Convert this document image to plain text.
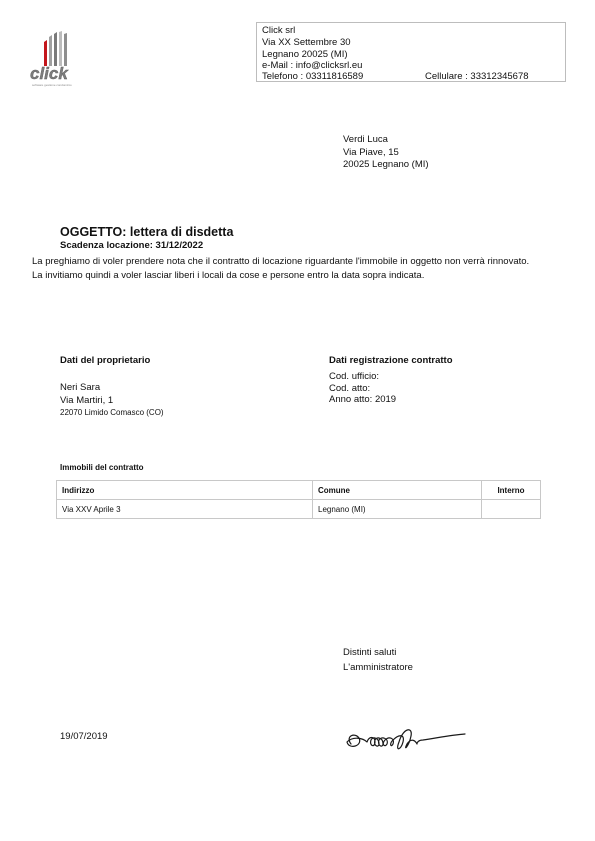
click
software gestione condominio
Click srl
Via XX Settembre 30
Legnano 20025 (MI)
e-Mail : info@clicksrl.eu
Telefono : 03311816589	Cellulare : 33312345678
Verdi Luca
Via Piave, 15
20025 Legnano (MI)
OGGETTO: lettera di disdetta
Scadenza locazione: 31/12/2022
La preghiamo di voler prendere nota che il contratto di locazione riguardante l'immobile in oggetto non verrà rinnovato.
La invitiamo quindi a voler lasciar liberi i locali da cose e persone entro la data sopra indicata.
Dati del proprietario
Neri Sara
Via Martiri, 1
22070 Limido Comasco (CO)
Dati registrazione contratto
Cod. ufficio:
Cod. atto:
Anno atto: 2019
Immobili del contratto
Indirizzo	Comune	Interno
Via XXV Aprile 3	Legnano (MI)	
Distinti saluti
L'amministratore
19/07/2019
